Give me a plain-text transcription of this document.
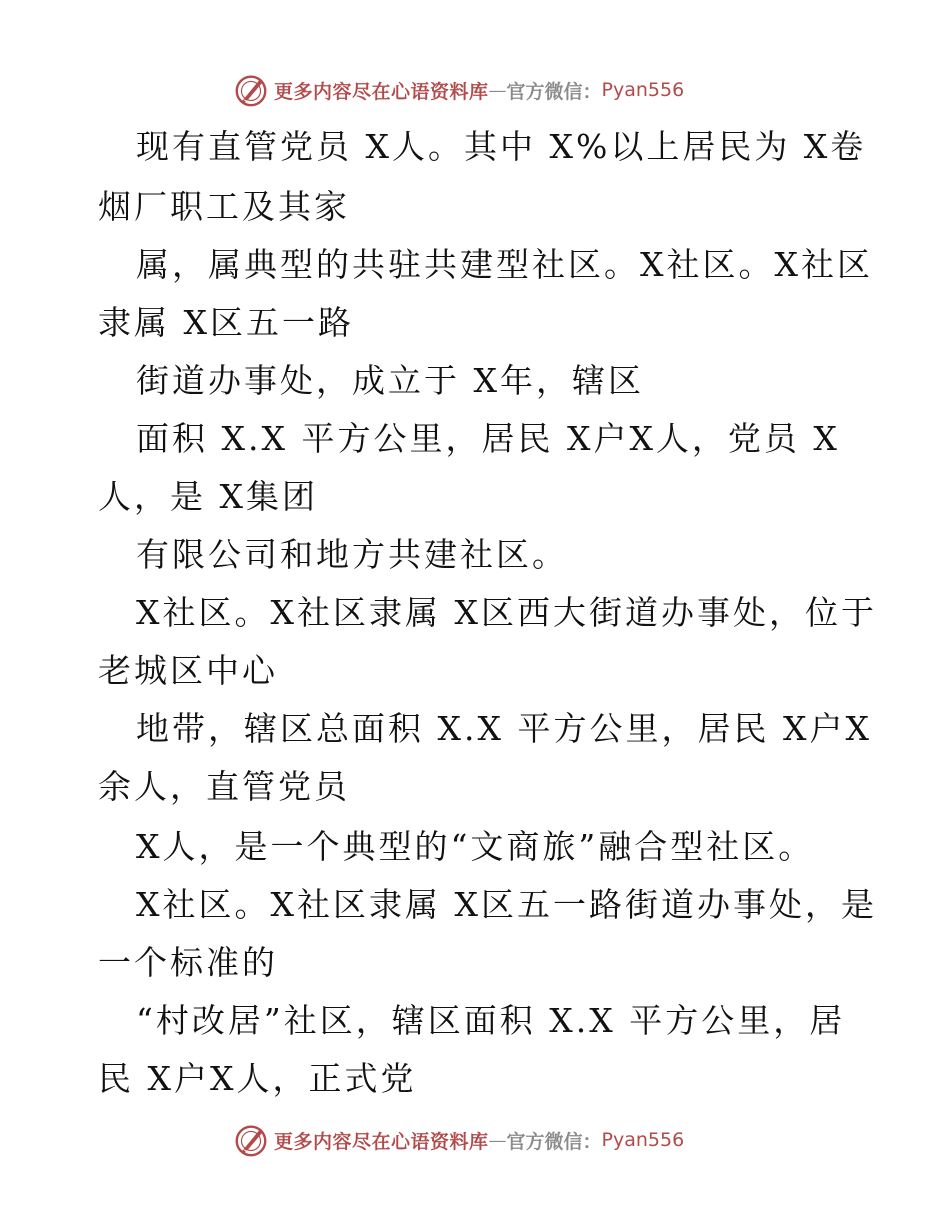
更多内容尽在心语资料库 — 官方微信： Pyan556
现有直管党员 X人。其中 X%以上居民为 X卷
烟厂职工及其家
属，属典型的共驻共建型社区。X社区。X社区
隶属 X区五一路
街道办事处，成立于 X年，辖区
面积 X.X 平方公里，居民 X户X人，党员 X
人，是 X集团
有限公司和地方共建社区。
X社区。X社区隶属 X区西大街道办事处，位于
老城区中心
地带，辖区总面积 X.X 平方公里，居民 X户X
余人，直管党员
X人，是一个典型的“文商旅”融合型社区。
X社区。X社区隶属 X区五一路街道办事处，是
一个标准的
“村改居”社区，辖区面积 X.X 平方公里，居
民 X户X人，正式党
更多内容尽在心语资料库 — 官方微信： Pyan556
